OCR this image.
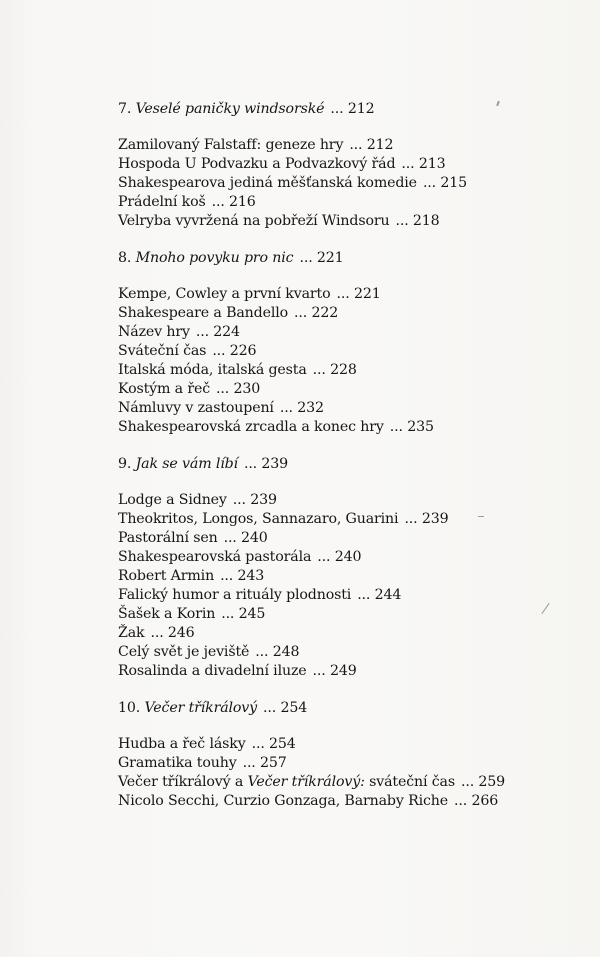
7. Veselé paničky windsorské ... 212
Zamilovaný Falstaff: geneze hry ... 212
Hospoda U Podvazku a Podvazkový řád ... 213
Shakespearova jediná měšťanská komedie ... 215
Prádelní koš ... 216
Velryba vyvržená na pobřeží Windsoru ... 218
8. Mnoho povyku pro nic ... 221
Kempe, Cowley a první kvarto ... 221
Shakespeare a Bandello ... 222
Název hry ... 224
Sváteční čas ... 226
Italská móda, italská gesta ... 228
Kostým a řeč ... 230
Námluvy v zastoupení ... 232
Shakespearovská zrcadla a konec hry ... 235
9. Jak se vám líbí ... 239
Lodge a Sidney ... 239
Theokritos, Longos, Sannazaro, Guarini ... 239
Pastorální sen ... 240
Shakespearovská pastorála ... 240
Robert Armin ... 243
Falický humor a rituály plodnosti ... 244
Šašek a Korin ... 245
Žak ... 246
Celý svět je jeviště ... 248
Rosalinda a divadelní iluze ... 249
10. Večer tříkrálový ... 254
Hudba a řeč lásky ... 254
Gramatika touhy ... 257
Večer tříkrálový a Večer tříkrálový: sváteční čas ... 259
Nicolo Secchi, Curzio Gonzaga, Barnaby Riche ... 266
